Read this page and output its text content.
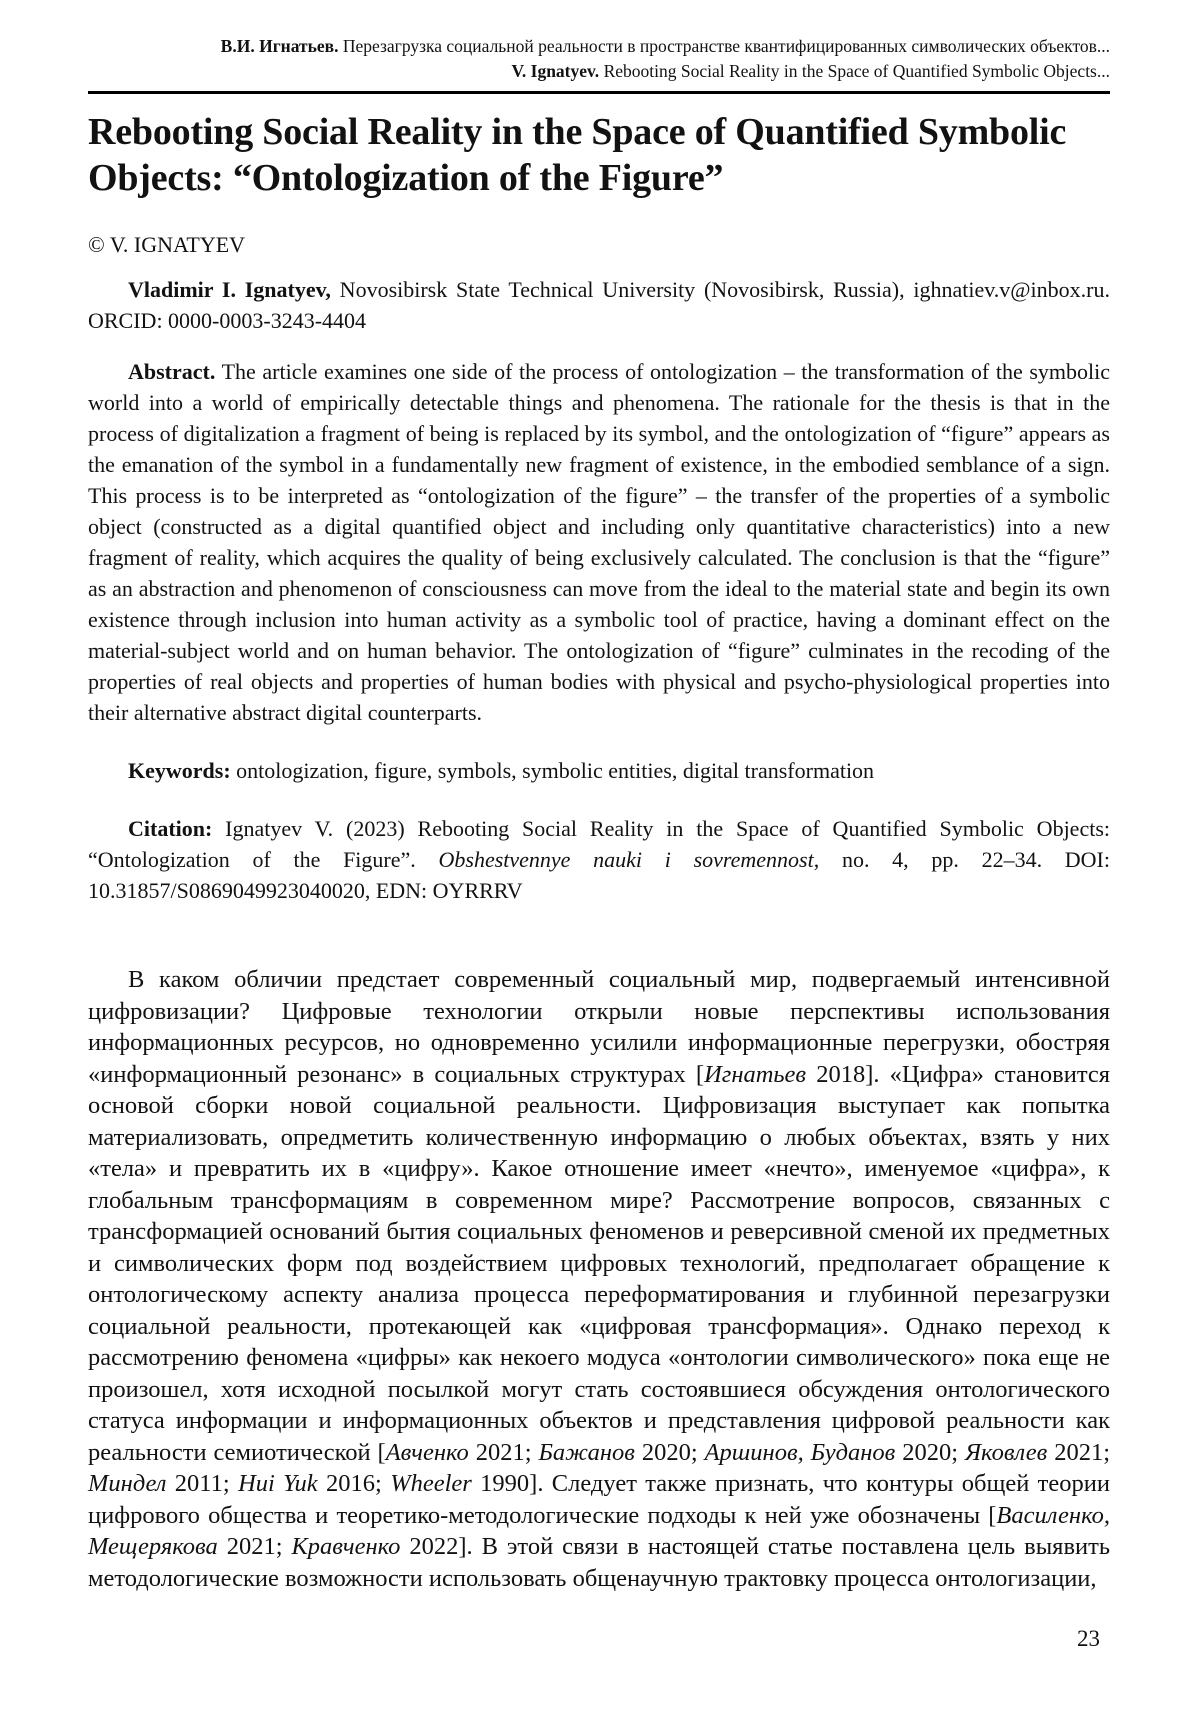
В.И. Игнатьев. Перезагрузка социальной реальности в пространстве квантифицированных символических объектов...
V. Ignatyev. Rebooting Social Reality in the Space of Quantified Symbolic Objects...
Rebooting Social Reality in the Space of Quantified Symbolic Objects: “Ontologization of the Figure”
© V. IGNATYEV

Vladimir I. Ignatyev, Novosibirsk State Technical University (Novosibirsk, Russia), ighnatiev.v@inbox.ru. ORCID: 0000-0003-3243-4404

Abstract. The article examines one side of the process of ontologization – the transformation of the symbolic world into a world of empirically detectable things and phenomena. The rationale for the thesis is that in the process of digitalization a fragment of being is replaced by its symbol, and the ontologization of “figure” appears as the emanation of the symbol in a fundamentally new fragment of existence, in the embodied semblance of a sign. This process is to be interpreted as “ontologization of the figure” – the transfer of the properties of a symbolic object (constructed as a digital quantified object and including only quantitative characteristics) into a new fragment of reality, which acquires the quality of being exclusively calculated. The conclusion is that the “figure” as an abstraction and phenomenon of consciousness can move from the ideal to the material state and begin its own existence through inclusion into human activity as a symbolic tool of practice, having a dominant effect on the material-subject world and on human behavior. The ontologization of “figure” culminates in the recoding of the properties of real objects and properties of human bodies with physical and psycho-physiological properties into their alternative abstract digital counterparts.

Keywords: ontologization, figure, symbols, symbolic entities, digital transformation

Citation: Ignatyev V. (2023) Rebooting Social Reality in the Space of Quantified Symbolic Objects: “Ontologization of the Figure”. Obshestvennye nauki i sovremennost, no. 4, pp. 22–34. DOI: 10.31857/S0869049923040020, EDN: OYRRRV

В каком обличии предстает современный социальный мир, подвергаемый интенсивной цифровизации? Цифровые технологии открыли новые перспективы использования информационных ресурсов, но одновременно усилили информационные перегрузки, обостряя «информационный резонанс» в социальных структурах [Игнатьев 2018]. «Цифра» становится основой сборки новой социальной реальности. Цифровизация выступает как попытка материализовать, опредметить количественную информацию о любых объектах, взять у них «тела» и превратить их в «цифру». Какое отношение имеет «нечто», именуемое «цифра», к глобальным трансформациям в современном мире? Рассмотрение вопросов, связанных с трансформацией оснований бытия социальных феноменов и реверсивной сменой их предметных и символических форм под воздействием цифровых технологий, предполагает обращение к онтологическому аспекту анализа процесса переформатирования и глубинной перезагрузки социальной реальности, протекающей как «цифровая трансформация». Однако переход к рассмотрению феномена «цифры» как некоего модуса «онтологии символического» пока еще не произошел, хотя исходной посылкой могут стать состоявшиеся обсуждения онтологического статуса информации и информационных объектов и представления цифровой реальности как реальности семиотической [Авченко 2021; Бажанов 2020; Аршинов, Буданов 2020; Яковлев 2021; Миндел 2011; Hui Yuk 2016; Wheeler 1990]. Следует также признать, что контуры общей теории цифрового общества и теоретико-методологические подходы к ней уже обозначены [Василенко, Мещерякова 2021; Кравченко 2022]. В этой связи в настоящей статье поставлена цель выявить методологические возможности использовать общенаучную трактовку процесса онтологизации,

23
